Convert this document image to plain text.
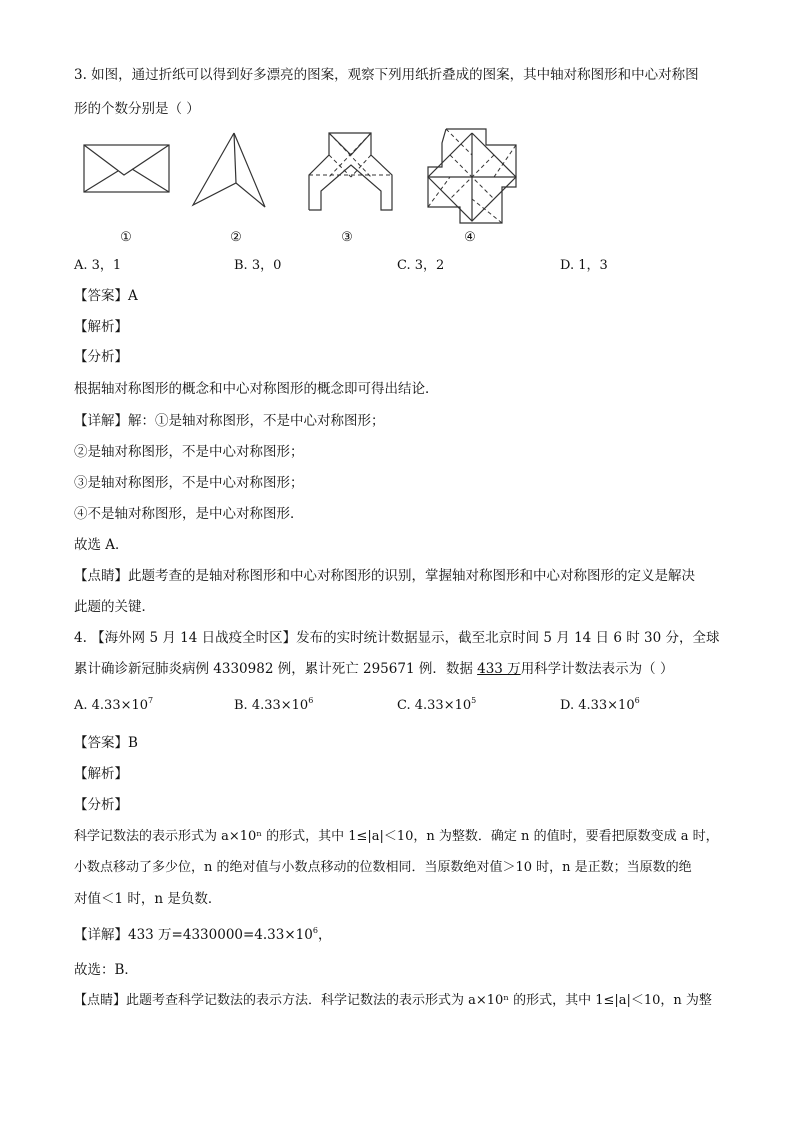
3. 如图，通过折纸可以得到好多漂亮的图案，观察下列用纸折叠成的图案，其中轴对称图形和中心对称图
形的个数分别是（ ）
①	②	③	④
A. 3，1	B. 3，0	C. 3，2	D. 1，3
【答案】A
【解析】
【分析】
根据轴对称图形的概念和中心对称图形的概念即可得出结论．
【详解】解：①是轴对称图形，不是中心对称图形；
②是轴对称图形，不是中心对称图形；
③是轴对称图形，不是中心对称图形；
④不是轴对称图形，是中心对称图形．
故选 A．
【点睛】此题考查的是轴对称图形和中心对称图形的识别，掌握轴对称图形和中心对称图形的定义是解决
此题的关键．
4. 【海外网 5 月 14 日战疫全时区】发布的实时统计数据显示，截至北京时间 5 月 14 日 6 时 30 分，全球
累计确诊新冠肺炎病例 4330982 例，累计死亡 295671 例．数据 433 万用科学计数法表示为（ ）
A. $4.33\times 10^7$	B. $4.33\times 10^6$	C. $4.33\times 10^5$	D. $4.33\times 10^6$
【答案】B
【解析】
【分析】
科学记数法的表示形式为 a×10ⁿ 的形式，其中 1≤|a|＜10，n 为整数．确定 n 的值时，要看把原数变成 a 时，
小数点移动了多少位，n 的绝对值与小数点移动的位数相同．当原数绝对值＞10 时，n 是正数；当原数的绝
对值＜1 时，n 是负数．
【详解】433 万$=4330000=4.33\times 10^6$，
故选：B．
【点睛】此题考查科学记数法的表示方法．科学记数法的表示形式为 a×10ⁿ 的形式，其中 1≤|a|＜10，n 为整
